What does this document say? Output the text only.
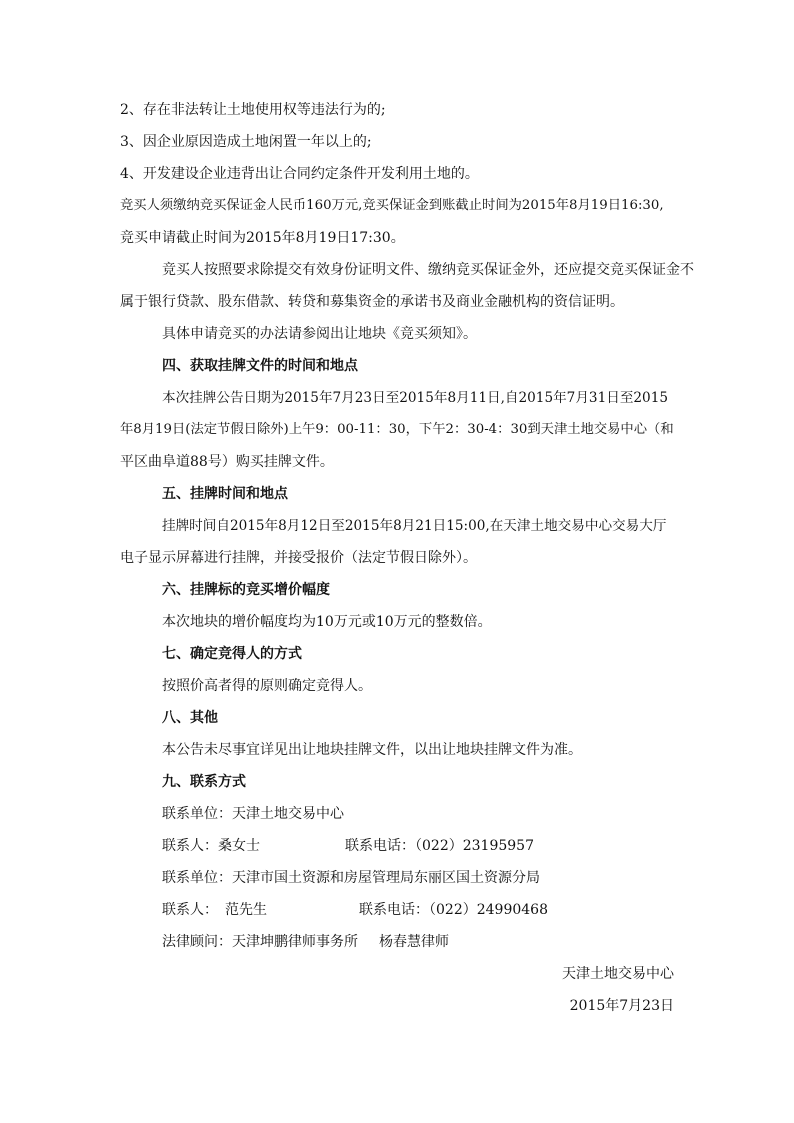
2、存在非法转让土地使用权等违法行为的;
3、因企业原因造成土地闲置一年以上的;
4、开发建设企业违背出让合同约定条件开发利用土地的。
竞买人须缴纳竞买保证金人民币160万元,竞买保证金到账截止时间为2015年8月19日16:30,
竞买申请截止时间为2015年8月19日17:30。
竞买人按照要求除提交有效身份证明文件、缴纳竞买保证金外，还应提交竞买保证金不
属于银行贷款、股东借款、转贷和募集资金的承诺书及商业金融机构的资信证明。
具体申请竞买的办法请参阅出让地块《竞买须知》。
四、获取挂牌文件的时间和地点
本次挂牌公告日期为2015年7月23日至2015年8月11日,自2015年7月31日至2015
年8月19日(法定节假日除外)上午9：00-11：30，下午2：30-4：30到天津土地交易中心（和
平区曲阜道88号）购买挂牌文件。
五、挂牌时间和地点
挂牌时间自2015年8月12日至2015年8月21日15:00,在天津土地交易中心交易大厅
电子显示屏幕进行挂牌，并接受报价（法定节假日除外）。
六、挂牌标的竞买增价幅度
本次地块的增价幅度均为10万元或10万元的整数倍。
七、确定竞得人的方式
按照价高者得的原则确定竞得人。
八、其他
本公告未尽事宜详见出让地块挂牌文件，以出让地块挂牌文件为准。
九、联系方式
联系单位：天津土地交易中心
联系人：桑女士	联系电话：（022）23195957
联系单位：天津市国土资源和房屋管理局东丽区国土资源分局
联系人：　范先生	联系电话：（022）24990468
法律顾问：天津坤鹏律师事务所 杨春慧律师
天津土地交易中心
2015年7月23日
